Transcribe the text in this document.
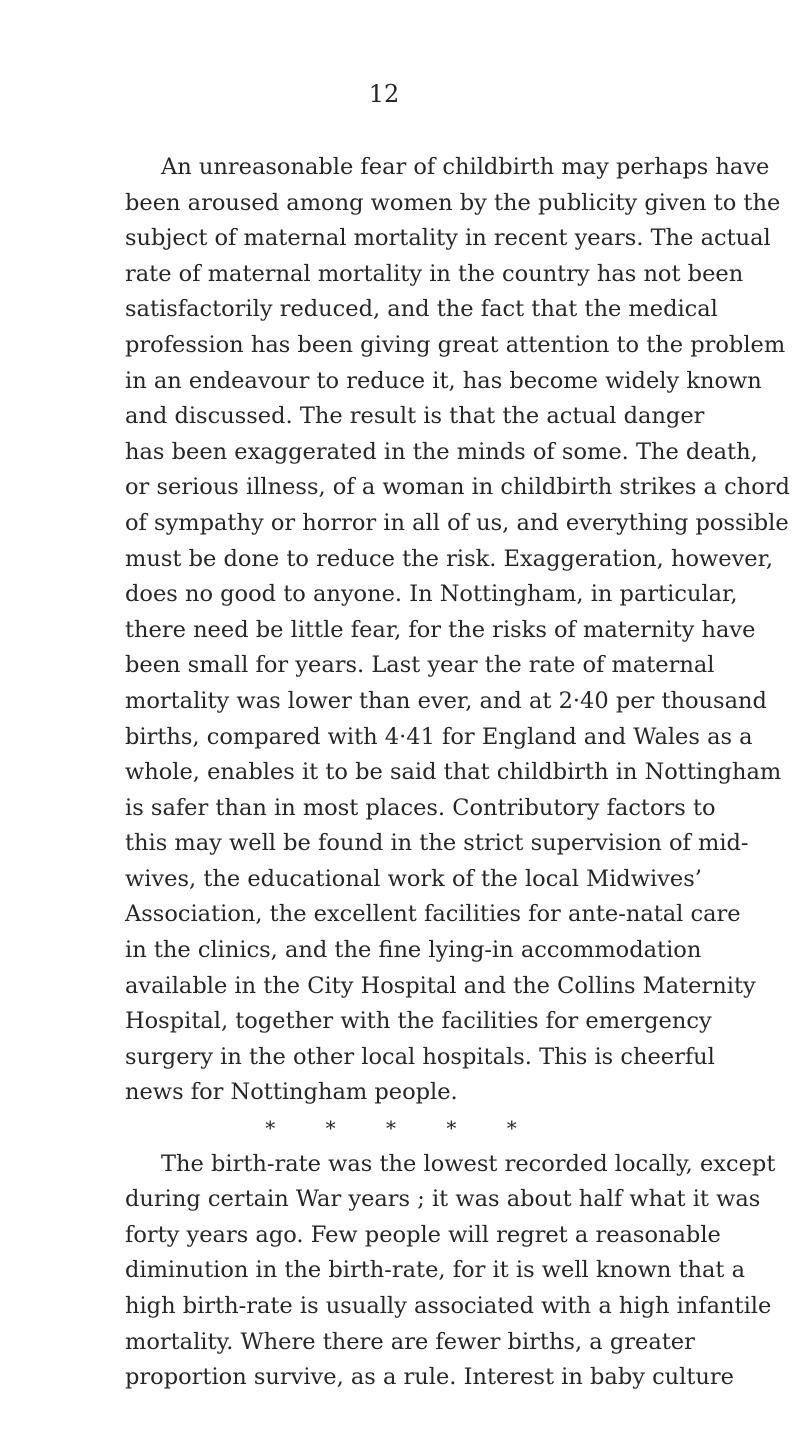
12
An unreasonable fear of childbirth may perhaps have
been aroused among women by the publicity given to the
subject of maternal mortality in recent years. The actual
rate of maternal mortality in the country has not been
satisfactorily reduced, and the fact that the medical
profession has been giving great attention to the problem
in an endeavour to reduce it, has become widely known
and discussed. The result is that the actual danger
has been exaggerated in the minds of some. The death,
or serious illness, of a woman in childbirth strikes a chord
of sympathy or horror in all of us, and everything possible
must be done to reduce the risk. Exaggeration, however,
does no good to anyone. In Nottingham, in particular,
there need be little fear, for the risks of maternity have
been small for years. Last year the rate of maternal
mortality was lower than ever, and at 2·40 per thousand
births, compared with 4·41 for England and Wales as a
whole, enables it to be said that childbirth in Nottingham
is safer than in most places. Contributory factors to
this may well be found in the strict supervision of mid-
wives, the educational work of the local Midwives’
Association, the excellent facilities for ante-natal care
in the clinics, and the fine lying-in accommodation
available in the City Hospital and the Collins Maternity
Hospital, together with the facilities for emergency
surgery in the other local hospitals. This is cheerful
news for Nottingham people.
* * * * *
The birth-rate was the lowest recorded locally, except
during certain War years ; it was about half what it was
forty years ago. Few people will regret a reasonable
diminution in the birth-rate, for it is well known that a
high birth-rate is usually associated with a high infantile
mortality. Where there are fewer births, a greater
proportion survive, as a rule. Interest in baby culture
